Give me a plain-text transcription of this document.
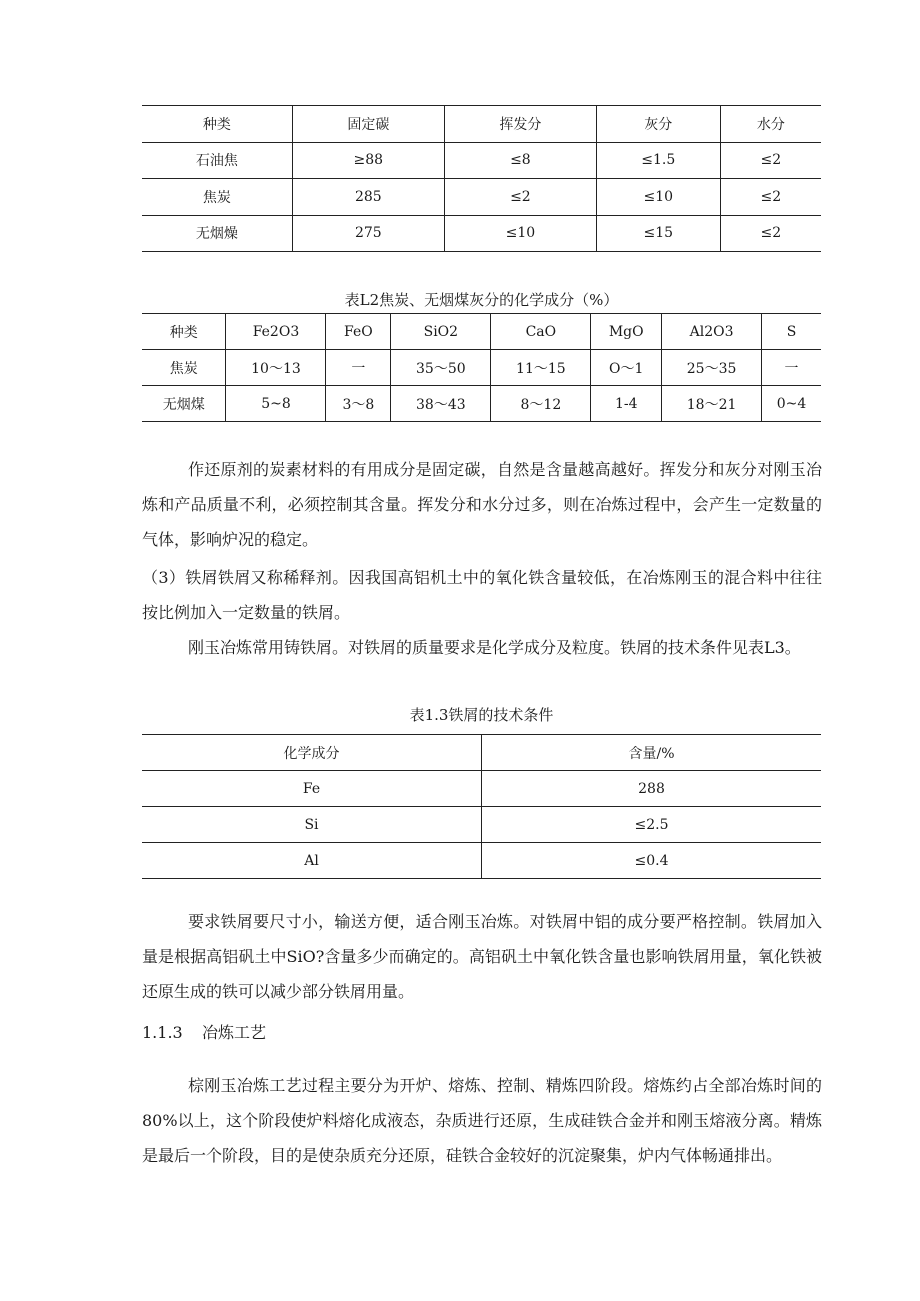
种类	固定碳	挥发分	灰分	水分
石油焦	≥88	≤8	≤1.5	≤2
焦炭	285	≤2	≤10	≤2
无烟燥	275	≤10	≤15	≤2
表L2焦炭、无烟煤灰分的化学成分（%）
种类	Fe2O3	FeO	SiO2	CaO	MgO	Al2O3	S
焦炭	10～13	一	35～50	11～15	O～1	25～35	一
无烟煤	5~8	3～8	38～43	8～12	1-4	18～21	0~4
作还原剂的炭素材料的有用成分是固定碳，自然是含量越高越好。挥发分和灰分对刚玉冶炼和产品质量不利，必须控制其含量。挥发分和水分过多，则在冶炼过程中，会产生一定数量的气体，影响炉况的稳定。
（3）铁屑铁屑又称稀释剂。因我国高铝机土中的氧化铁含量较低，在冶炼刚玉的混合料中往往按比例加入一定数量的铁屑。
刚玉冶炼常用铸铁屑。对铁屑的质量要求是化学成分及粒度。铁屑的技术条件见表L3。
表1.3铁屑的技术条件
化学成分	含量/%
Fe	288
Si	≤2.5
Al	≤0.4
要求铁屑要尺寸小，输送方便，适合刚玉冶炼。对铁屑中铝的成分要严格控制。铁屑加入量是根据高铝矾土中SiO?含量多少而确定的。高铝矾土中氧化铁含量也影响铁屑用量，氧化铁被还原生成的铁可以减少部分铁屑用量。
1.1.3 冶炼工艺
棕刚玉冶炼工艺过程主要分为开炉、熔炼、控制、精炼四阶段。熔炼约占全部冶炼时间的80%以上，这个阶段使炉料熔化成液态，杂质进行还原，生成硅铁合金并和刚玉熔液分离。精炼是最后一个阶段，目的是使杂质充分还原，硅铁合金较好的沉淀聚集，炉内气体畅通排出。
